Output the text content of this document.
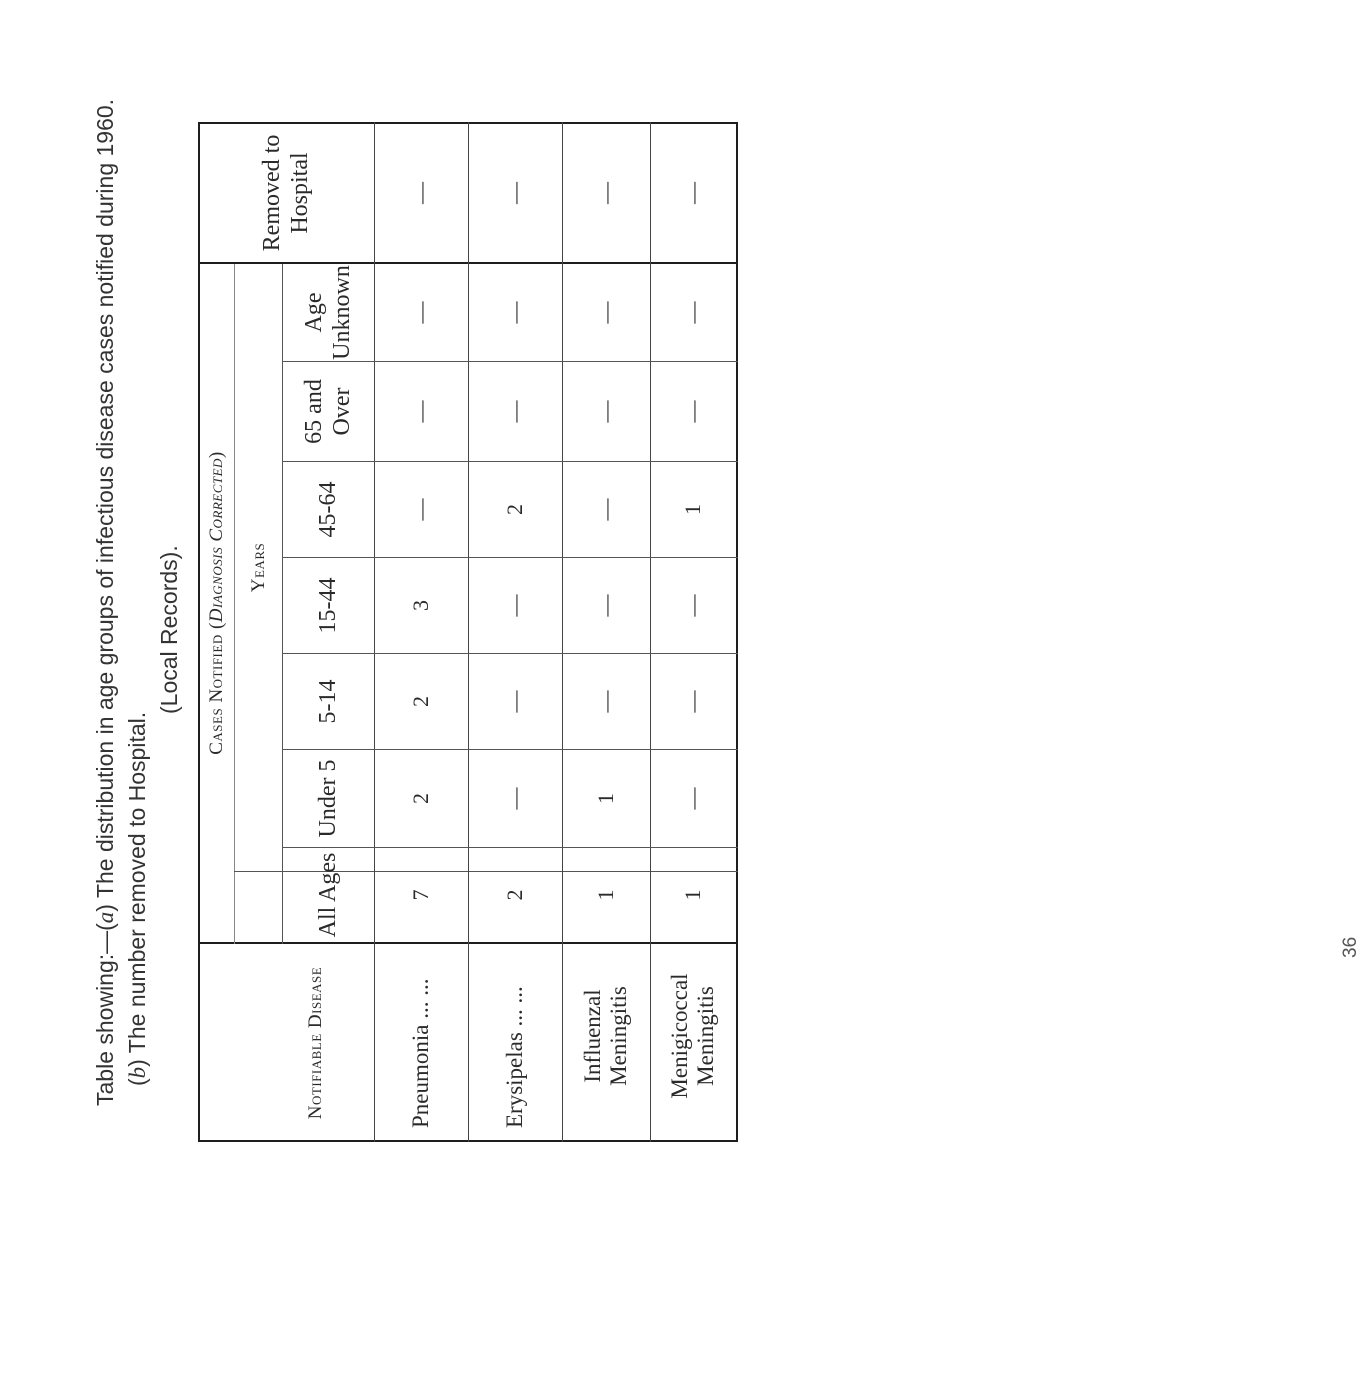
Table showing:—(a) The distribution in age groups of infectious disease cases notified during 1960.
(b) The number removed to Hospital.
(Local Records).
Notifiable Disease
Cases Notified (
Diagnosis Corrected
)
Years
All Ages
Under 5
5-14
15-44
45-64
65 and Over
Age Unknown
Removed to Hospital
Pneumonia ... ...
7
2
2
3
—
—
—
—
Erysipelas ... ...
2
—
—
—
2
—
—
—
Influenzal Meningitis
1
1
—
—
—
—
—
—
Menigicoccal Meningitis
1
—
—
—
1
—
—
—
36
